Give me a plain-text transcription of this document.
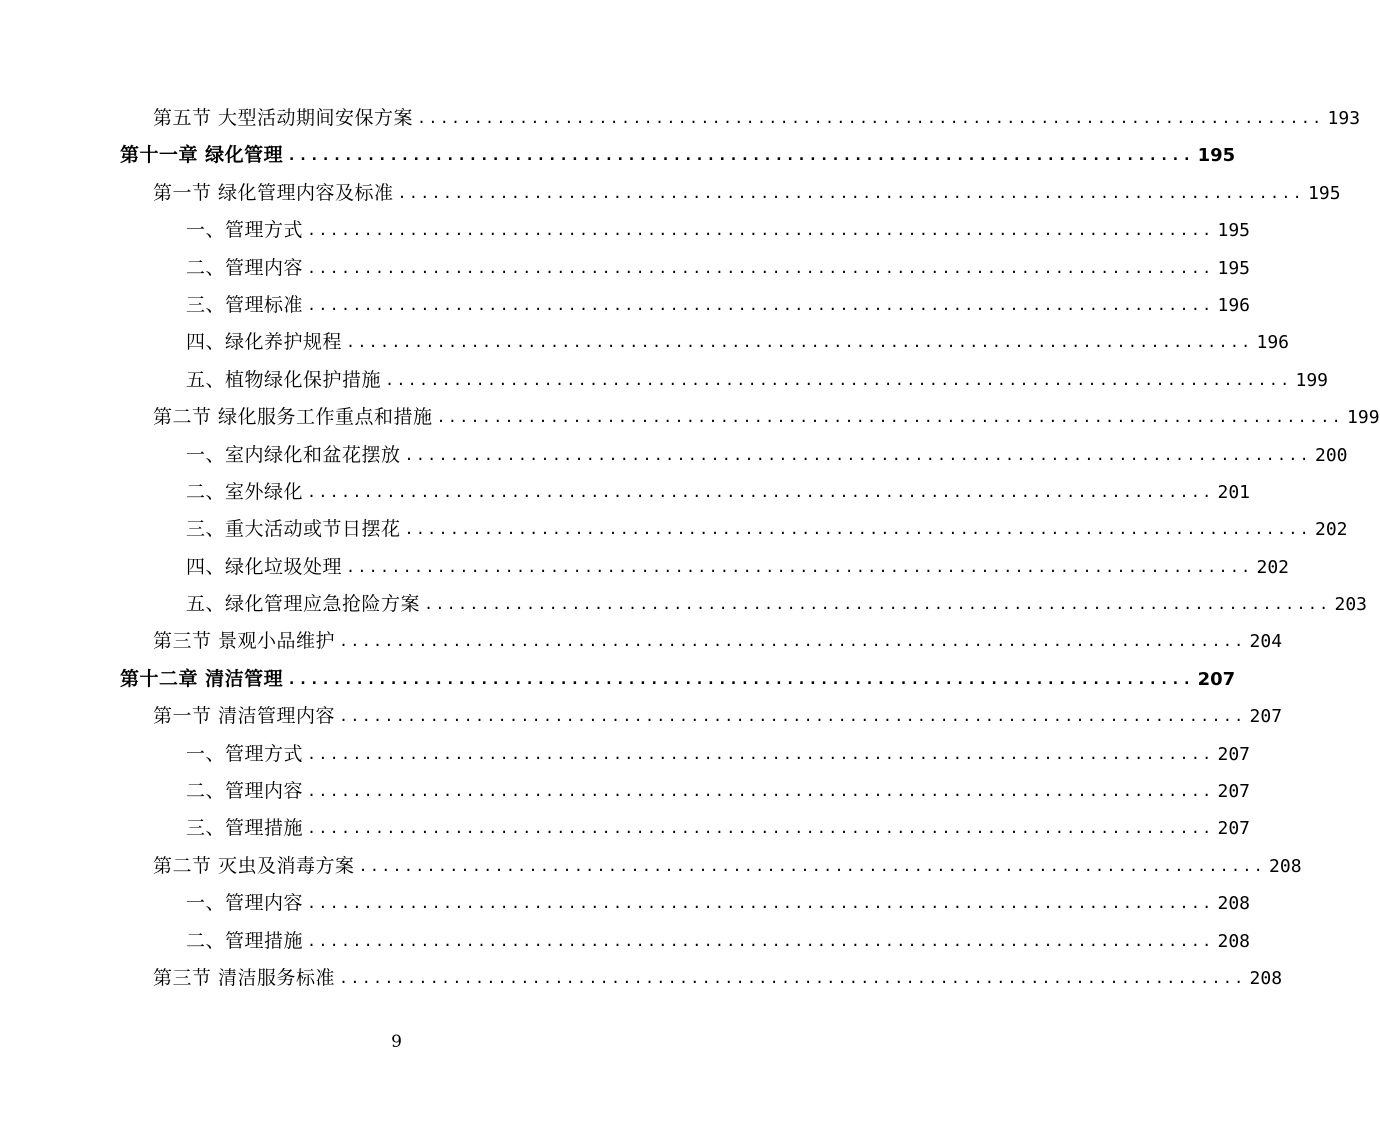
第五节 大型活动期间安保方案 ................................................................................ 193
第十一章 绿化管理 ................................................................................ 195
第一节 绿化管理内容及标准 ................................................................................ 195
一、管理方式 ................................................................................ 195
二、管理内容 ................................................................................ 195
三、管理标准 ................................................................................ 196
四、绿化养护规程 ................................................................................ 196
五、植物绿化保护措施 ................................................................................ 199
第二节 绿化服务工作重点和措施 ................................................................................ 199
一、室内绿化和盆花摆放 ................................................................................ 200
二、室外绿化 ................................................................................ 201
三、重大活动或节日摆花 ................................................................................ 202
四、绿化垃圾处理 ................................................................................ 202
五、绿化管理应急抢险方案 ................................................................................ 203
第三节 景观小品维护 ................................................................................ 204
第十二章 清洁管理 ................................................................................ 207
第一节 清洁管理内容 ................................................................................ 207
一、管理方式 ................................................................................ 207
二、管理内容 ................................................................................ 207
三、管理措施 ................................................................................ 207
第二节 灭虫及消毒方案 ................................................................................ 208
一、管理内容 ................................................................................ 208
二、管理措施 ................................................................................ 208
第三节 清洁服务标准 ................................................................................ 208
9
